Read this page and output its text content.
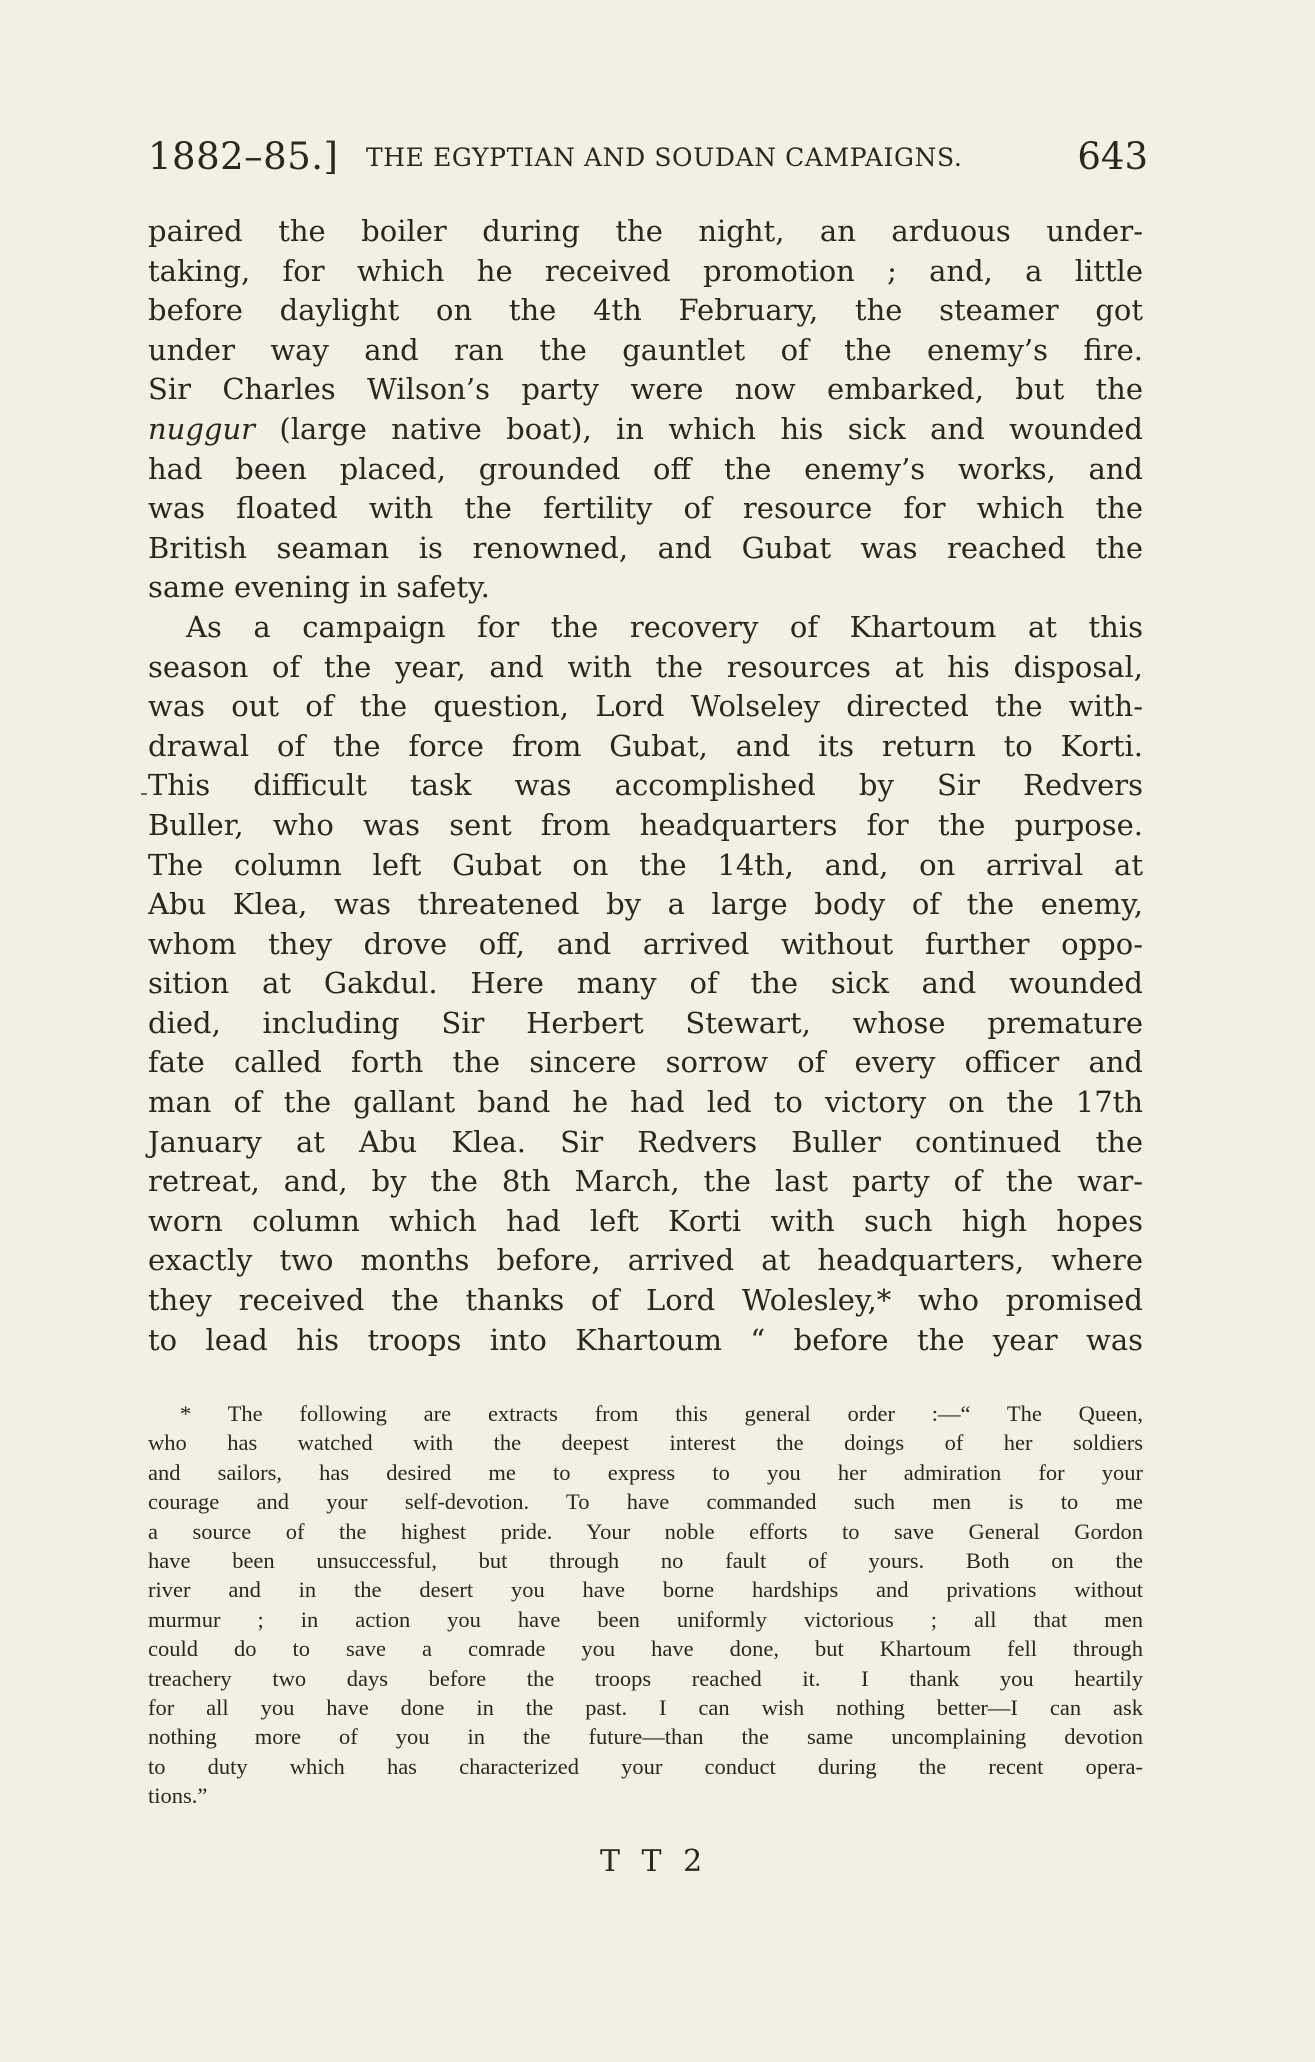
1882–85.] THE EGYPTIAN AND SOUDAN CAMPAIGNS.	643
paired the boiler during the night, an arduous under-
taking, for which he received promotion ; and, a little
before daylight on the 4th February, the steamer got
under way and ran the gauntlet of the enemy’s fire.
Sir Charles Wilson’s party were now embarked, but the
nuggur (large native boat), in which his sick and wounded
had been placed, grounded off the enemy’s works, and
was floated with the fertility of resource for which the
British seaman is renowned, and Gubat was reached the
same evening in safety.
As a campaign for the recovery of Khartoum at this
season of the year, and with the resources at his disposal,
was out of the question, Lord Wolseley directed the with-
drawal of the force from Gubat, and its return to Korti.
This difficult task was accomplished by Sir Redvers
Buller, who was sent from headquarters for the purpose.
The column left Gubat on the 14th, and, on arrival at
Abu Klea, was threatened by a large body of the enemy,
whom they drove off, and arrived without further oppo-
sition at Gakdul. Here many of the sick and wounded
died, including Sir Herbert Stewart, whose premature
fate called forth the sincere sorrow of every officer and
man of the gallant band he had led to victory on the 17th
January at Abu Klea. Sir Redvers Buller continued the
retreat, and, by the 8th March, the last party of the war-
worn column which had left Korti with such high hopes
exactly two months before, arrived at headquarters, where
they received the thanks of Lord Wolesley,* who promised
to lead his troops into Khartoum “ before the year was
* The following are extracts from this general order :—“ The Queen,
who has watched with the deepest interest the doings of her soldiers
and sailors, has desired me to express to you her admiration for your
courage and your self-devotion. To have commanded such men is to me
a source of the highest pride. Your noble efforts to save General Gordon
have been unsuccessful, but through no fault of yours. Both on the
river and in the desert you have borne hardships and privations without
murmur ; in action you have been uniformly victorious ; all that men
could do to save a comrade you have done, but Khartoum fell through
treachery two days before the troops reached it. I thank you heartily
for all you have done in the past. I can wish nothing better—I can ask
nothing more of you in the future—than the same uncomplaining devotion
to duty which has characterized your conduct during the recent opera-
tions.”
T T 2
